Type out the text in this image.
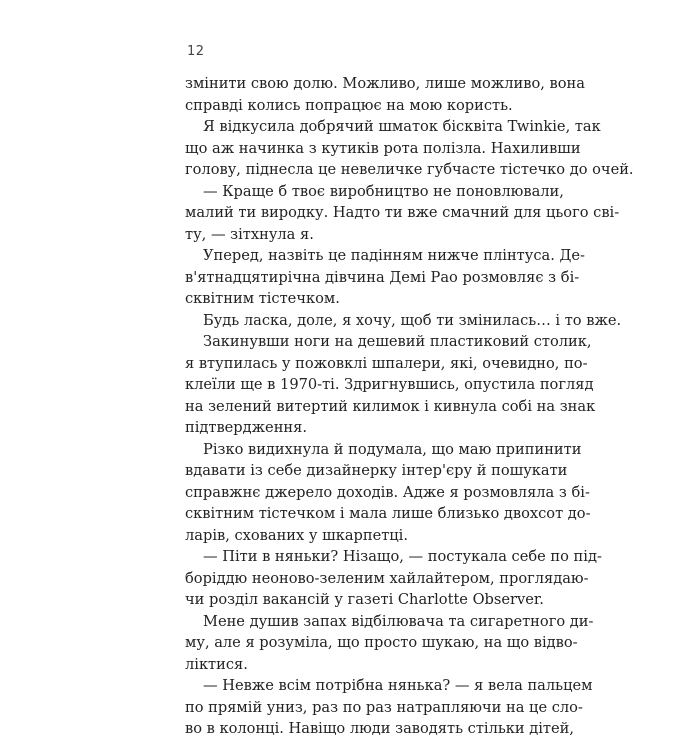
12
змінити свою долю. Можливо, лише можливо, вона
справді колись попрацює на мою користь.
Я відкусила добрячий шматок бісквіта Twinkie, так
що аж начинка з кутиків рота полізла. Нахиливши
голову, піднесла це невеличке губчасте тістечко до очей.
— Краще б твоє виробництво не поновлювали,
малий ти виродку. Надто ти вже смачний для цього сві-
ту, — зітхнула я.
Уперед, назвіть це падінням нижче плінтуса. Де-
в'ятнадцятирічна дівчина Демі Рао розмовляє з бі-
сквітним тістечком.
Будь ласка, доле, я хочу, щоб ти змінилась… і то вже.
Закинувши ноги на дешевий пластиковий столик,
я втупилась у пожовклі шпалери, які, очевидно, по-
клеїли ще в 1970-ті. Здригнувшись, опустила погляд
на зелений витертий килимок і кивнула собі на знак
підтвердження.
Різко видихнула й подумала, що маю припинити
вдавати із себе дизайнерку інтер'єру й пошукати
справжнє джерело доходів. Адже я розмовляла з бі-
сквітним тістечком і мала лише близько двохсот до-
ларів, схованих у шкарпетці.
— Піти в няньки? Нізащо, — постукала себе по під-
боріддю неоново-зеленим хайлайтером, проглядаю-
чи розділ вакансій у газеті Charlotte Observer.
Мене душив запах відбілювача та сигаретного ди-
му, але я розуміла, що просто шукаю, на що відво-
лiктися.
— Невже всім потрібна нянька? — я вела пальцем
по прямій униз, раз по раз натрапляючи на це сло-
во в колонці. Навіщо люди заводять стільки дітей,
